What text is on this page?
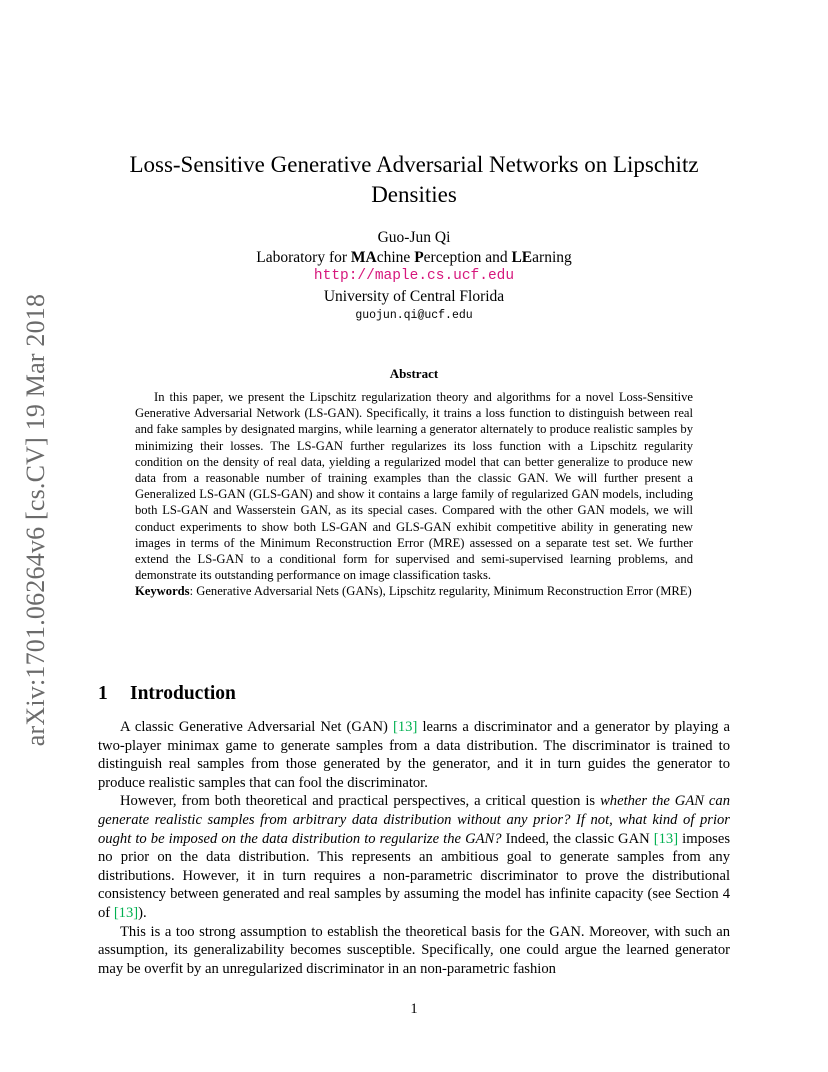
arXiv:1701.06264v6 [cs.CV] 19 Mar 2018
Loss-Sensitive Generative Adversarial Networks on Lipschitz
Densities
Guo-Jun Qi
Laboratory for MAchine Perception and LEarning
http://maple.cs.ucf.edu
University of Central Florida
guojun.qi@ucf.edu
Abstract

In this paper, we present the Lipschitz regularization theory and algorithms for a novel Loss-Sensitive Generative Adversarial Network (LS-GAN). Specifically, it trains a loss function to distinguish between real and fake samples by designated margins, while learning a generator alternately to produce realistic samples by minimizing their losses. The LS-GAN further regularizes its loss function with a Lipschitz regularity condition on the density of real data, yielding a regularized model that can better generalize to produce new data from a reasonable number of training examples than the classic GAN. We will further present a Generalized LS-GAN (GLS-GAN) and show it contains a large family of regularized GAN models, including both LS-GAN and Wasserstein GAN, as its special cases. Compared with the other GAN models, we will conduct experiments to show both LS-GAN and GLS-GAN exhibit competitive ability in generating new images in terms of the Minimum Reconstruction Error (MRE) assessed on a separate test set. We further extend the LS-GAN to a conditional form for supervised and semi-supervised learning problems, and demonstrate its outstanding performance on image classification tasks.

Keywords: Generative Adversarial Nets (GANs), Lipschitz regularity, Minimum Reconstruction Error (MRE)

1 Introduction

A classic Generative Adversarial Net (GAN) [13] learns a discriminator and a generator by playing a two-player minimax game to generate samples from a data distribution. The discriminator is trained to distinguish real samples from those generated by the generator, and it in turn guides the generator to produce realistic samples that can fool the discriminator.

However, from both theoretical and practical perspectives, a critical question is whether the GAN can generate realistic samples from arbitrary data distribution without any prior? If not, what kind of prior ought to be imposed on the data distribution to regularize the GAN? Indeed, the classic GAN [13] imposes no prior on the data distribution. This represents an ambitious goal to generate samples from any distributions. However, it in turn requires a non-parametric discriminator to prove the distributional consistency between generated and real samples by assuming the model has infinite capacity (see Section 4 of [13]).

This is a too strong assumption to establish the theoretical basis for the GAN. Moreover, with such an assumption, its generalizability becomes susceptible. Specifically, one could argue the learned generator may be overfit by an unregularized discriminator in an non-parametric fashion

1
